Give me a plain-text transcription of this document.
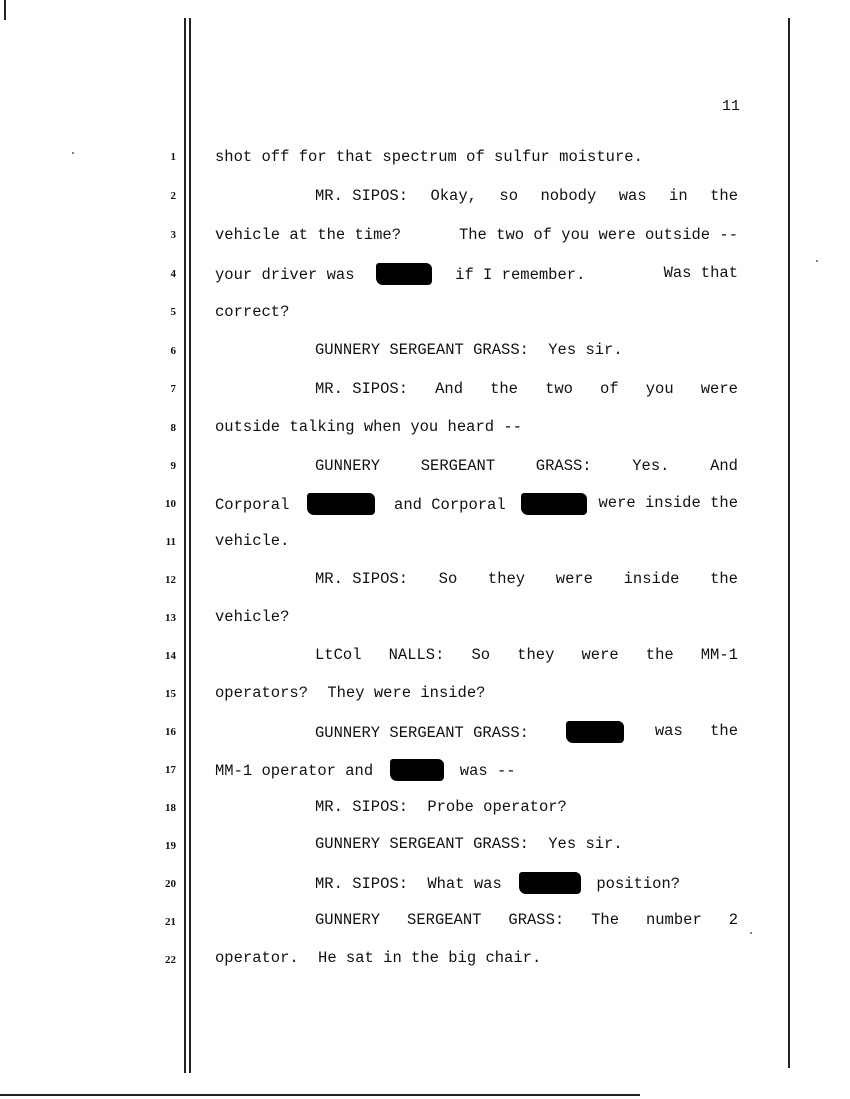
11
1	shot off for that spectrum of sulfur moisture.
2	MR. SIPOS: Okay, so nobody was in the
3	vehicle at the time?	The two of you were outside --
4	your driver was	if I remember.	Was that
5	correct?
6	GUNNERY SERGEANT GRASS: Yes sir.
7	MR. SIPOS: And the two of you were
8	outside talking when you heard --
9	GUNNERY	SERGEANT	GRASS:	Yes.	And
10	Corporal	and Corporal	were inside the
11	vehicle.
12	MR. SIPOS: So they were inside the
13	vehicle?
14	LtCol NALLS: So they were the MM-1
15	operators? They were inside?
16	GUNNERY SERGEANT GRASS:	was the
17	MM-1 operator and	was --
18	MR. SIPOS: Probe operator?
19	GUNNERY SERGEANT GRASS: Yes sir.
20	MR. SIPOS: What was	position?
21	GUNNERY SERGEANT GRASS: The number 2
22	operator. He sat in the big chair.
